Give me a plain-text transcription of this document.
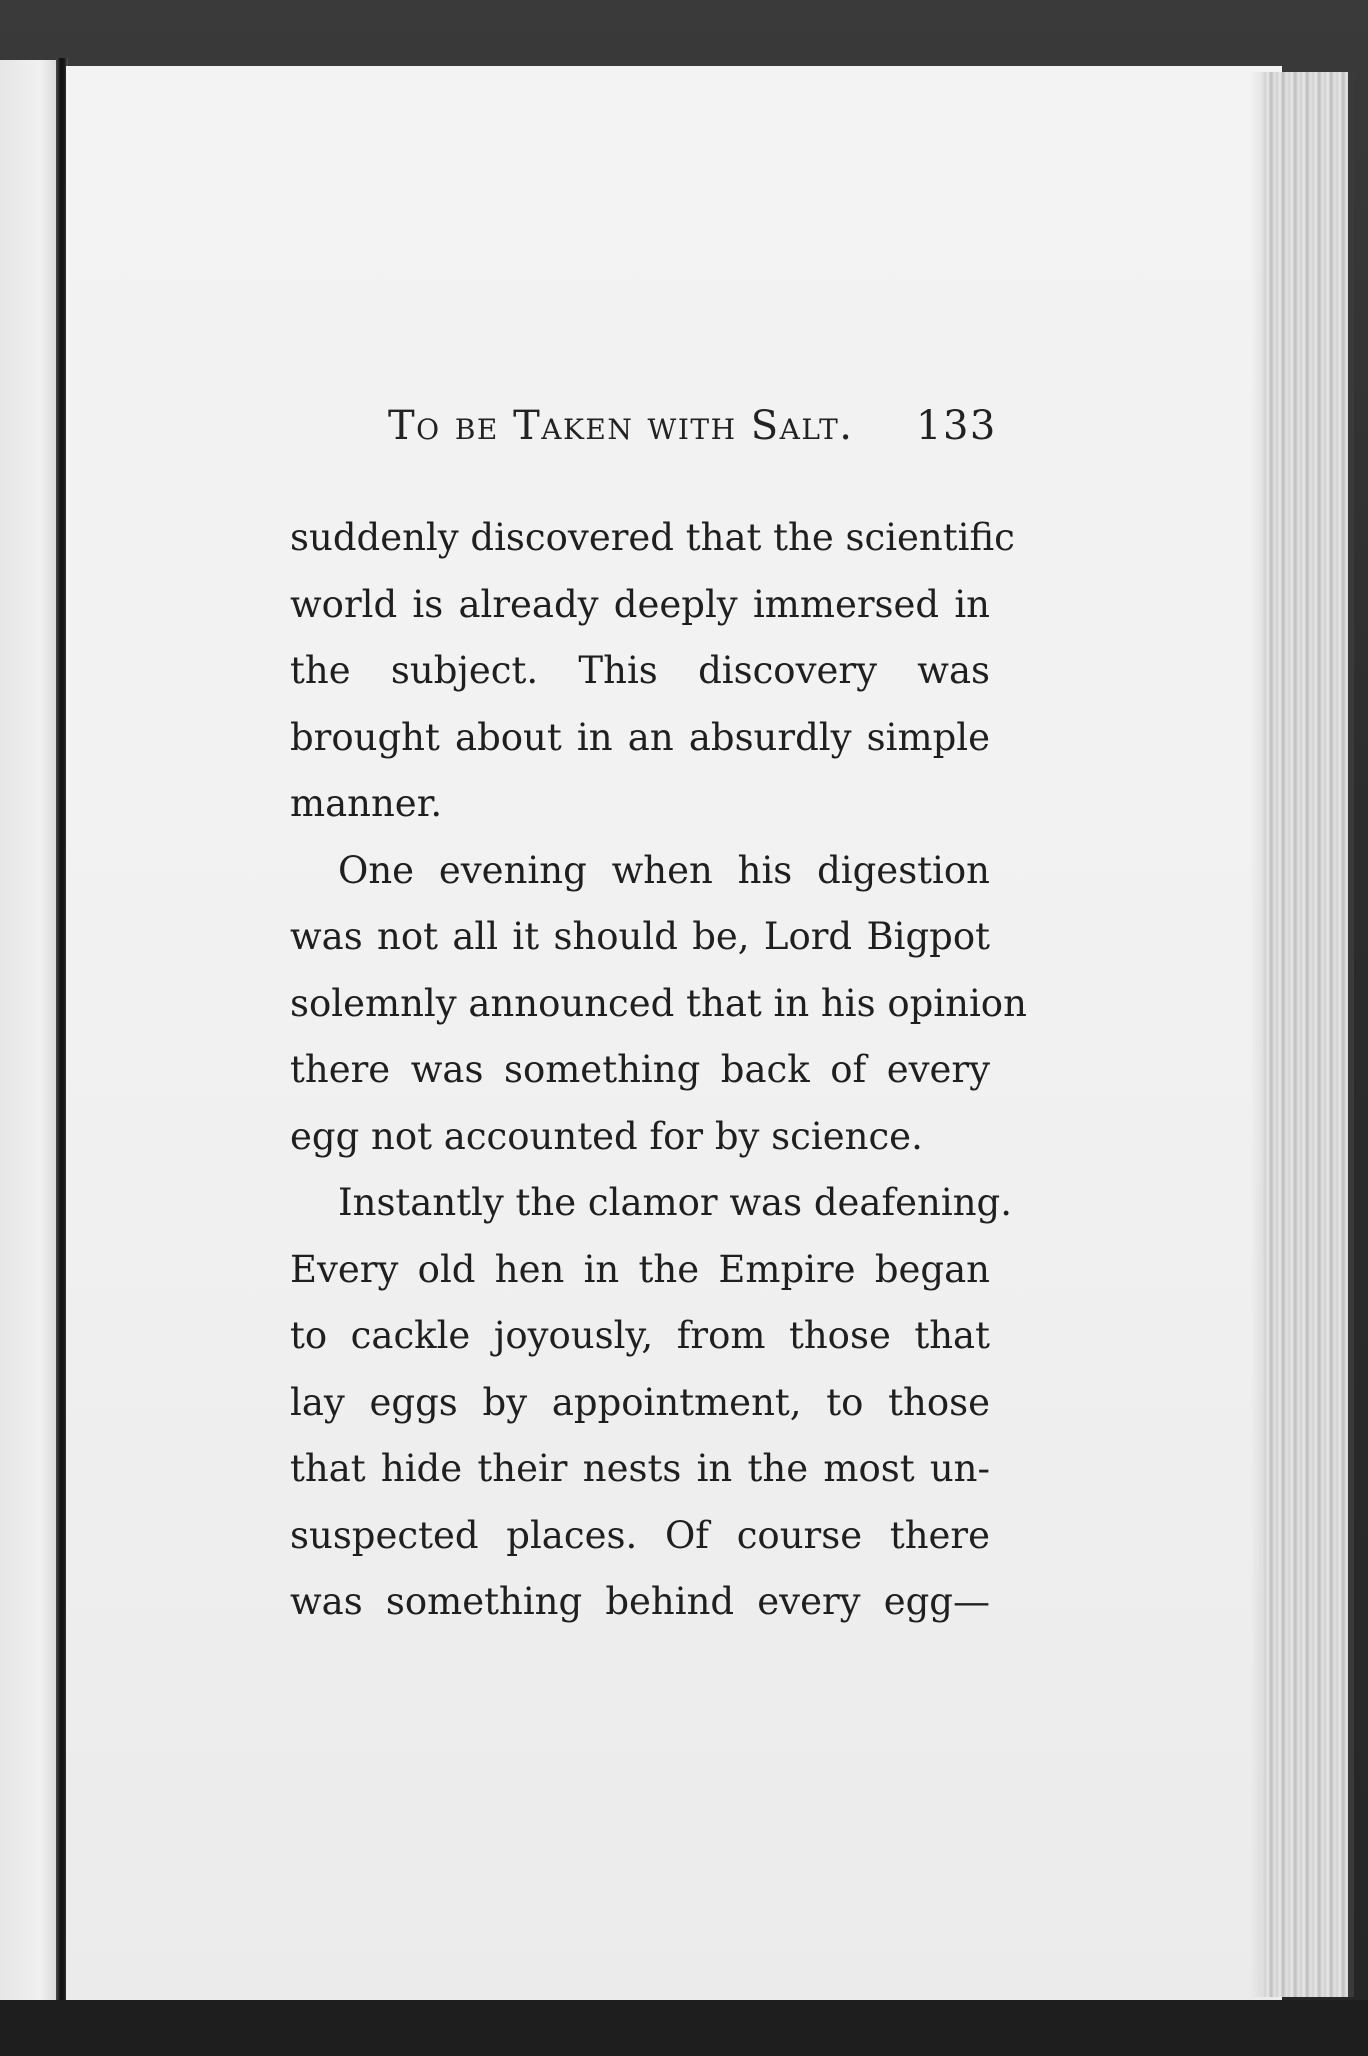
To be Taken with Salt. 133
suddenly discovered that the scientific
world is already deeply immersed in
the subject. This discovery was
brought about in an absurdly simple
manner.
One evening when his digestion
was not all it should be, Lord Bigpot
solemnly announced that in his opinion
there was something back of every
egg not accounted for by science.
Instantly the clamor was deafening.
Every old hen in the Empire began
to cackle joyously, from those that
lay eggs by appointment, to those
that hide their nests in the most un-
suspected places. Of course there
was something behind every egg—
